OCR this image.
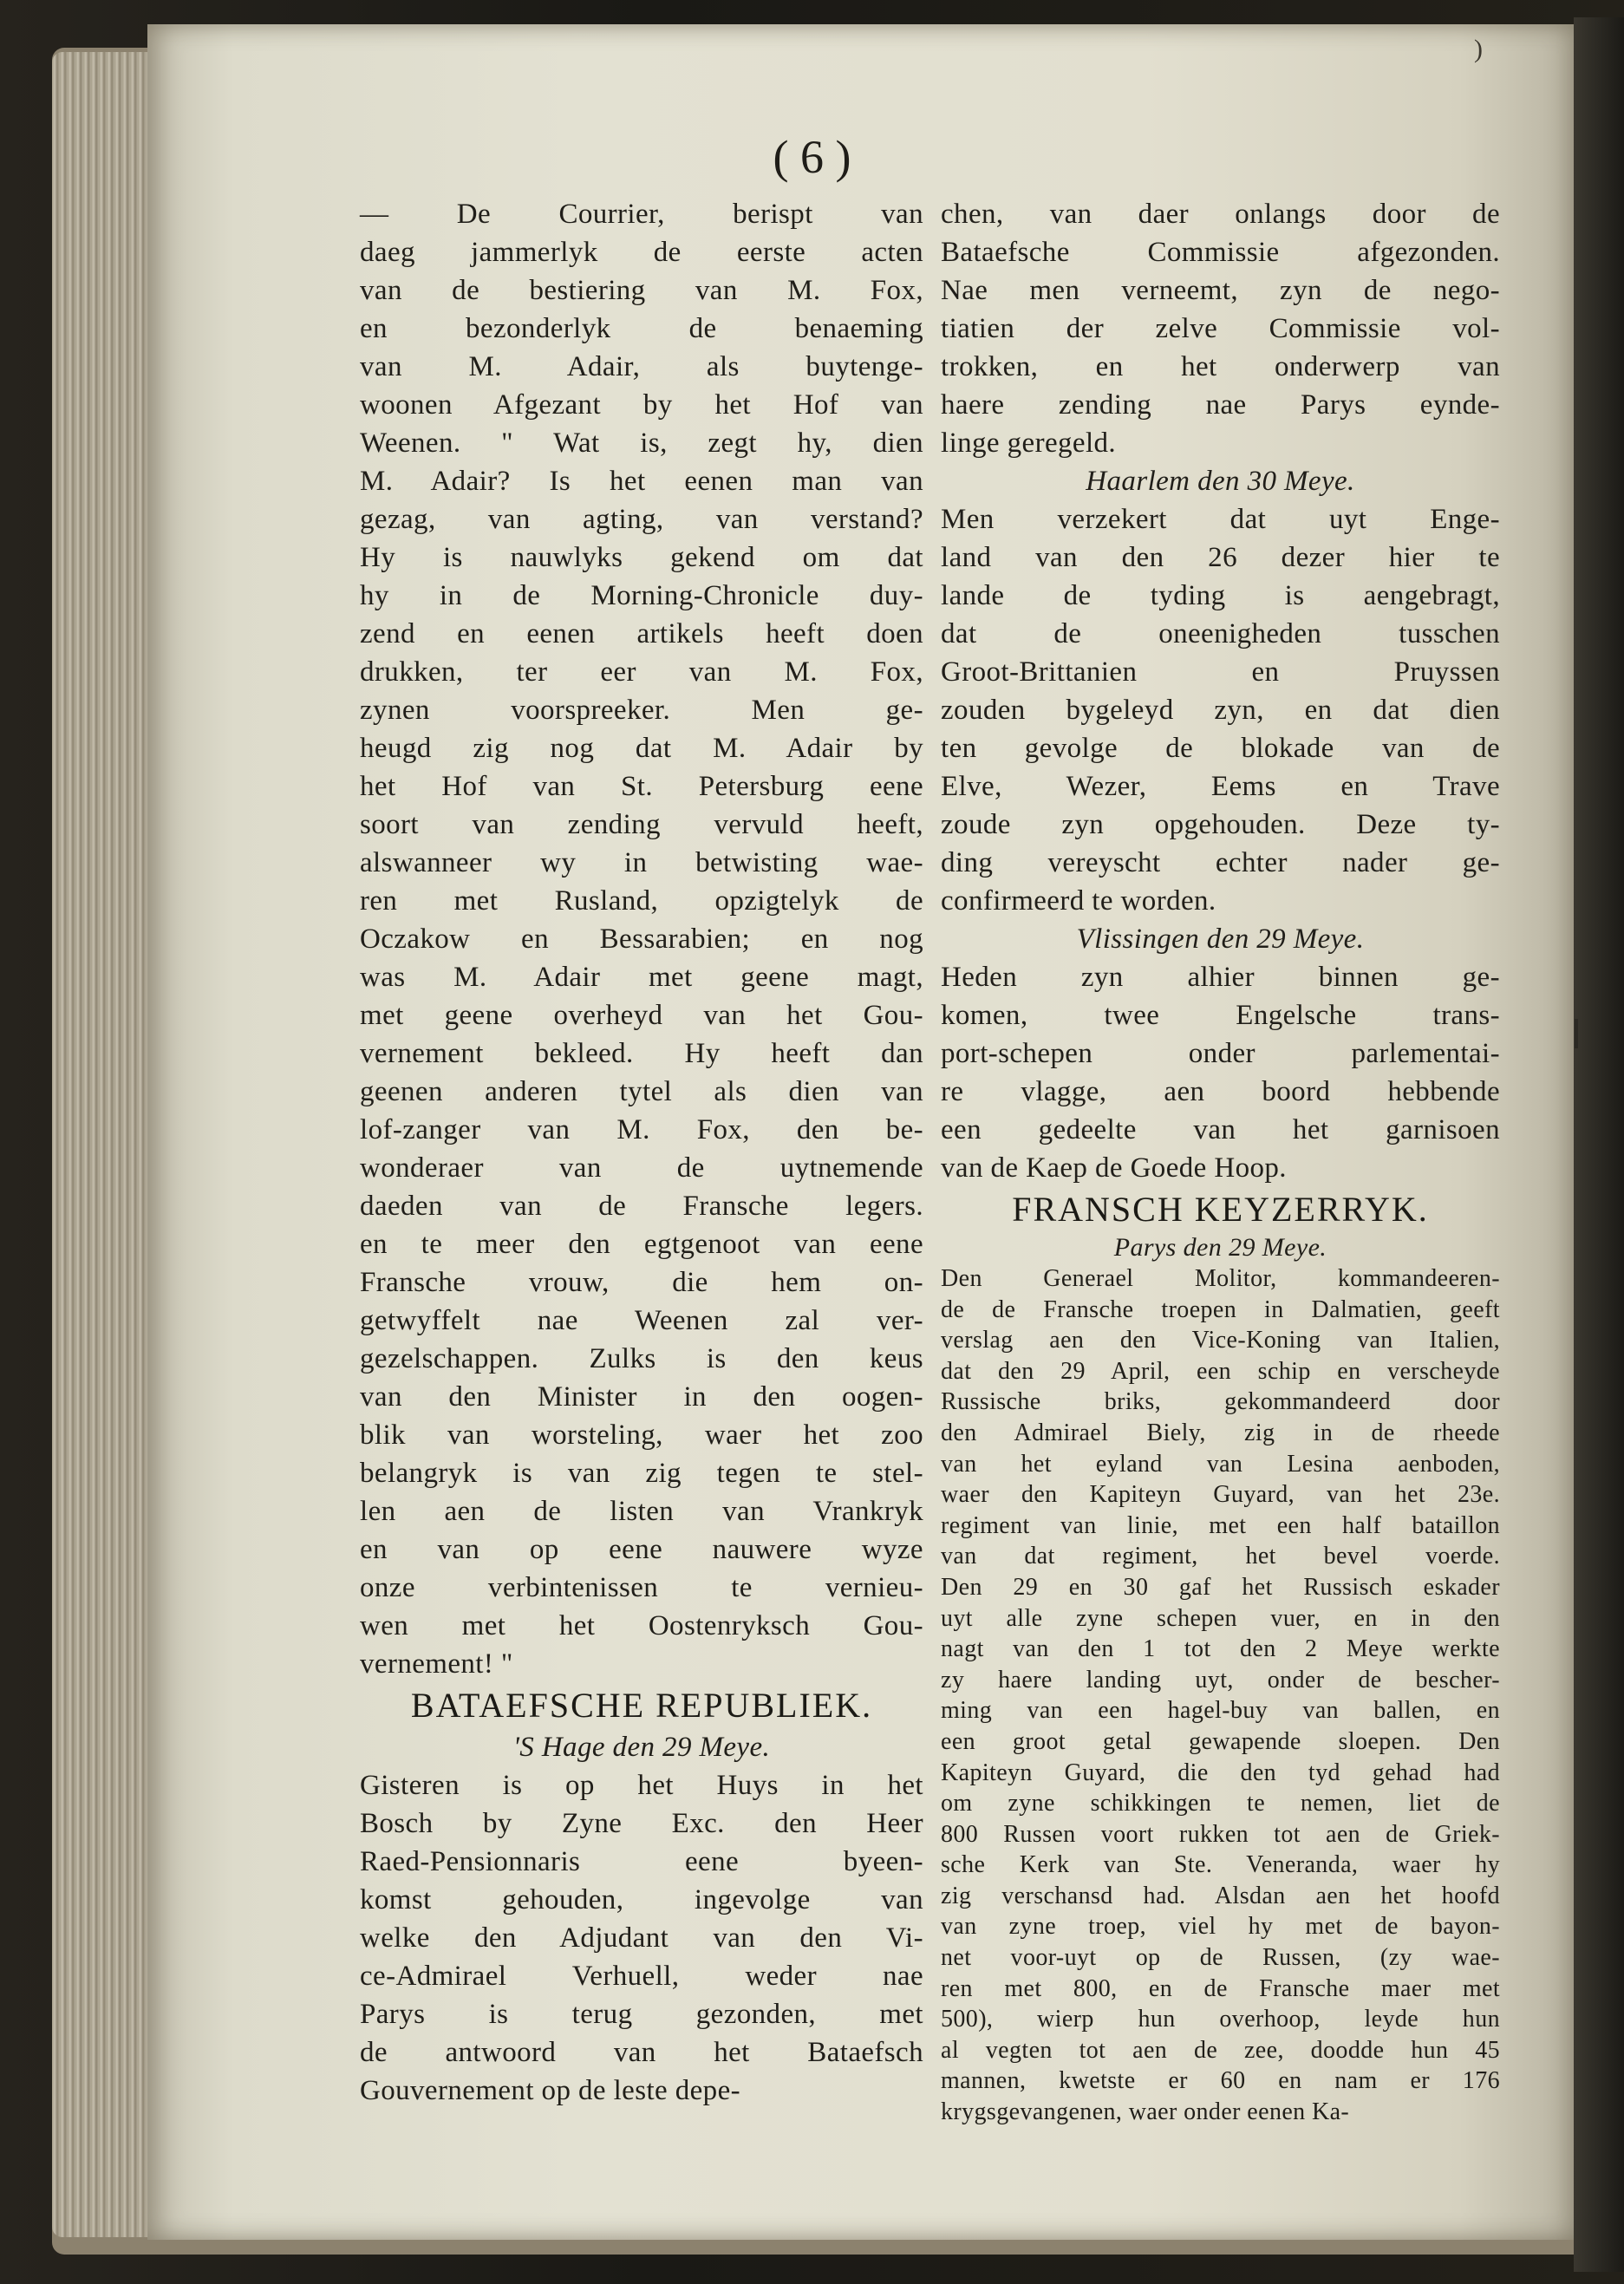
)
( 6 )
— De Courrier, berispt van
daeg jammerlyk de eerste acten
van de bestiering van M. Fox,
en bezonderlyk de benaeming
van M. Adair, als buytenge-
woonen Afgezant by het Hof van
Weenen. " Wat is, zegt hy, dien
M. Adair? Is het eenen man van
gezag, van agting, van verstand?
Hy is nauwlyks gekend om dat
hy in de Morning-Chronicle duy-
zend en eenen artikels heeft doen
drukken, ter eer van M. Fox,
zynen voorspreeker. Men ge-
heugd zig nog dat M. Adair by
het Hof van St. Petersburg eene
soort van zending vervuld heeft,
alswanneer wy in betwisting wae-
ren met Rusland, opzigtelyk de
Oczakow en Bessarabien; en nog
was M. Adair met geene magt,
met geene overheyd van het Gou-
vernement bekleed. Hy heeft dan
geenen anderen tytel als dien van
lof-zanger van M. Fox, den be-
wonderaer van de uytnemende
daeden van de Fransche legers.
en te meer den egtgenoot van eene
Fransche vrouw, die hem on-
getwyffelt nae Weenen zal ver-
gezelschappen. Zulks is den keus
van den Minister in den oogen-
blik van worsteling, waer het zoo
belangryk is van zig tegen te stel-
len aen de listen van Vrankryk
en van op eene nauwere wyze
onze verbintenissen te vernieu-
wen met het Oostenryksch Gou-
vernement! "
BATAEFSCHE REPUBLIEK.
'S Hage den 29 Meye.
Gisteren is op het Huys in het
Bosch by Zyne Exc. den Heer
Raed-Pensionnaris eene byeen-
komst gehouden, ingevolge van
welke den Adjudant van den Vi-
ce-Admirael Verhuell, weder nae
Parys is terug gezonden, met
de antwoord van het Bataefsch
Gouvernement op de leste depe-
chen, van daer onlangs door de
Bataefsche Commissie afgezonden.
Nae men verneemt, zyn de nego-
tiatien der zelve Commissie vol-
trokken, en het onderwerp van
haere zending nae Parys eynde-
linge geregeld.
Haarlem den 30 Meye.
Men verzekert dat uyt Enge-
land van den 26 dezer hier te
lande de tyding is aengebragt,
dat de oneenigheden tusschen
Groot-Brittanien en Pruyssen
zouden bygeleyd zyn, en dat dien
ten gevolge de blokade van de
Elve, Wezer, Eems en Trave
zoude zyn opgehouden. Deze ty-
ding vereyscht echter nader ge-
confirmeerd te worden.
Vlissingen den 29 Meye.
Heden zyn alhier binnen ge-
komen, twee Engelsche trans-
port-schepen onder parlementai-
re vlagge, aen boord hebbende
een gedeelte van het garnisoen
van de Kaep de Goede Hoop.
FRANSCH KEYZERRYK.
Parys den 29 Meye.
Den Generael Molitor, kommandeeren-
de de Fransche troepen in Dalmatien, geeft
verslag aen den Vice-Koning van Italien,
dat den 29 April, een schip en verscheyde
Russische briks, gekommandeerd door
den Admirael Biely, zig in de rheede
van het eyland van Lesina aenboden,
waer den Kapiteyn Guyard, van het 23e.
regiment van linie, met een half bataillon
van dat regiment, het bevel voerde.
Den 29 en 30 gaf het Russisch eskader
uyt alle zyne schepen vuer, en in den
nagt van den 1 tot den 2 Meye werkte
zy haere landing uyt, onder de bescher-
ming van een hagel-buy van ballen, en
een groot getal gewapende sloepen. Den
Kapiteyn Guyard, die den tyd gehad had
om zyne schikkingen te nemen, liet de
800 Russen voort rukken tot aen de Griek-
sche Kerk van Ste. Veneranda, waer hy
zig verschansd had. Alsdan aen het hoofd
van zyne troep, viel hy met de bayon-
net voor-uyt op de Russen, (zy wae-
ren met 800, en de Fransche maer met
500), wierp hun overhoop, leyde hun
al vegten tot aen de zee, doodde hun 45
mannen, kwetste er 60 en nam er 176
krygsgevangenen, waer onder eenen Ka-
